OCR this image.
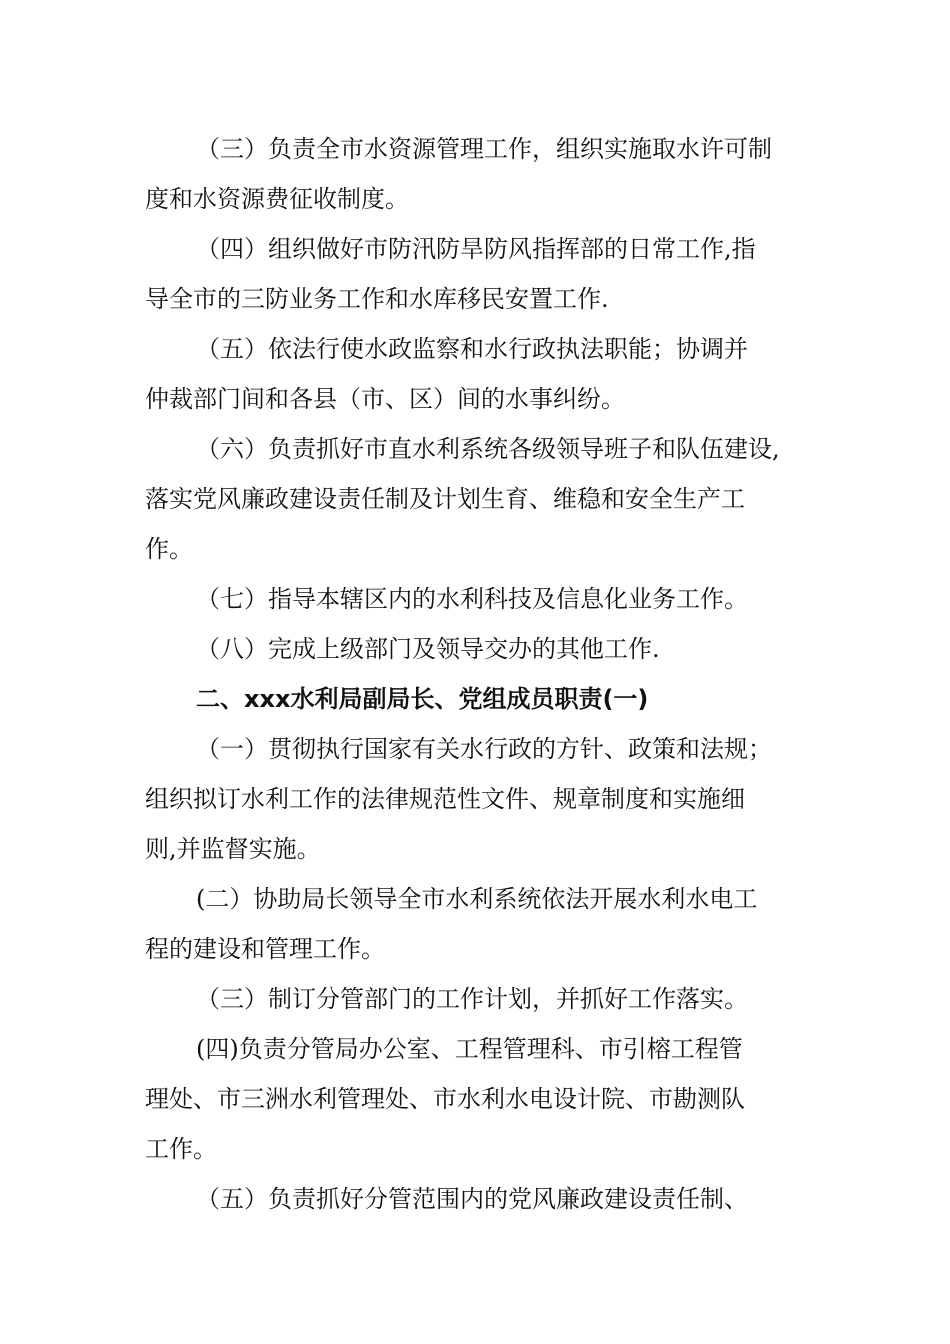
（三）负责全市水资源管理工作，组织实施取水许可制

度和水资源费征收制度。

（四）组织做好市防汛防旱防风指挥部的日常工作,指

导全市的三防业务工作和水库移民安置工作.

（五）依法行使水政监察和水行政执法职能；协调并

仲裁部门间和各县（市、区）间的水事纠纷。

（六）负责抓好市直水利系统各级领导班子和队伍建设,

落实党风廉政建设责任制及计划生育、维稳和安全生产工

作。

（七）指导本辖区内的水利科技及信息化业务工作。

（八）完成上级部门及领导交办的其他工作.

二、xxx水利局副局长、党组成员职责(一)

（一）贯彻执行国家有关水行政的方针、政策和法规；

组织拟订水利工作的法律规范性文件、规章制度和实施细

则,并监督实施。

(二）协助局长领导全市水利系统依法开展水利水电工

程的建设和管理工作。

（三）制订分管部门的工作计划，并抓好工作落实。

(四)负责分管局办公室、工程管理科、市引榕工程管

理处、市三洲水利管理处、市水利水电设计院、市勘测队

工作。

（五）负责抓好分管范围内的党风廉政建设责任制、
